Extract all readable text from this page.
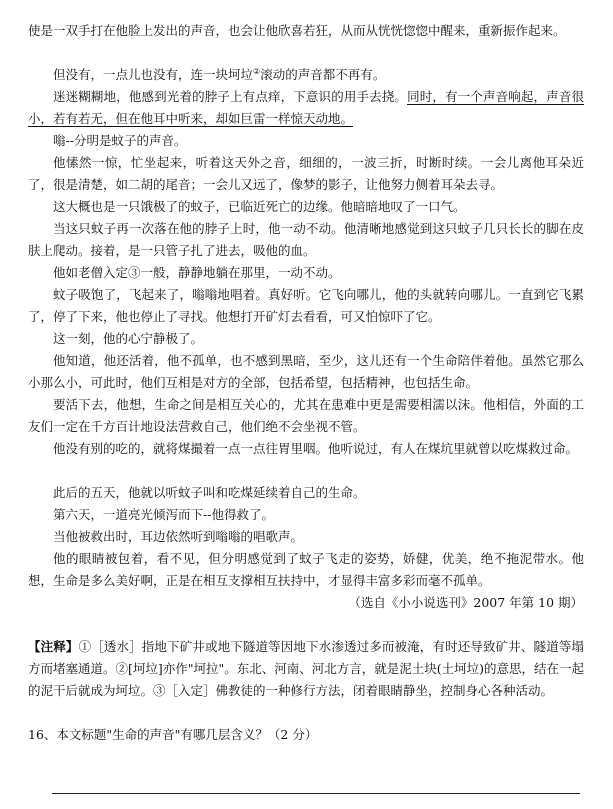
使是一双手打在他脸上发出的声音，也会让他欣喜若狂，从而从恍恍惚惚中醒来，重新振作起来。

但没有，一点儿也没有，连一块坷垃②滚动的声音都不再有。

迷迷糊糊地，他感到光着的脖子上有点痒，下意识的用手去挠。同时，有一个声音响起，声音很小，若有若无，但在他耳中听来，却如巨雷一样惊天动地。

嗡--分明是蚊子的声音。

他愫然一惊，忙坐起来，听着这天外之音，细细的，一波三折，时断时续。一会儿离他耳朵近了，很是清楚，如二胡的尾音；一会儿又远了，像梦的影子，让他努力侧着耳朵去寻。

这大概也是一只饿极了的蚊子，已临近死亡的边缘。他暗暗地叹了一口气。

当这只蚊子再一次落在他的脖子上时，他一动不动。他清晰地感觉到这只蚊子几只长长的脚在皮肤上爬动。接着，是一只管子扎了进去，吸他的血。

他如老僧入定③一般，静静地躺在那里，一动不动。

蚊子吸饱了，飞起来了，嗡嗡地唱着。真好听。它飞向哪儿，他的头就转向哪儿。一直到它飞累了，停了下来，他也停止了寻找。他想打开矿灯去看看，可又怕惊吓了它。

这一刻，他的心宁静极了。

他知道，他还活着，他不孤单，也不感到黑暗，至少，这儿还有一个生命陪伴着他。虽然它那么小那么小，可此时，他们互相是对方的全部，包括希望，包括精神，也包括生命。

要活下去，他想，生命之间是相互关心的，尤其在患难中更是需要相濡以沫。他相信，外面的工友们一定在千方百计地设法营救自己，他们绝不会坐视不管。

他没有别的吃的，就将煤撮着一点一点往胃里咽。他听说过，有人在煤坑里就曾以吃煤救过命。

此后的五天，他就以听蚊子叫和吃煤延续着自己的生命。

第六天，一道亮光倾泻而下--他得救了。

当他被救出时，耳边依然听到嗡嗡的唱歌声。

他的眼睛被包着，看不见，但分明感觉到了蚊子飞走的姿势，娇健，优美，绝不拖泥带水。他想，生命是多么美好啊，正是在相互支撑相互扶持中，才显得丰富多彩而毫不孤单。

（选自《小小说选刊》2007 年第 10 期）

【注释】①［透水］指地下矿井或地下隧道等因地下水渗透过多而被淹，有时还导致矿井、隧道等塌方而堵塞通道。②[坷垃]亦作"坷拉"。东北、河南、河北方言，就是泥土块(土坷垃)的意思，结在一起的泥干后就成为坷垃。③［入定］佛教徒的一种修行方法，闭着眼睛静坐，控制身心各种活动。

16、本文标题"生命的声音"有哪几层含义？（2 分）
